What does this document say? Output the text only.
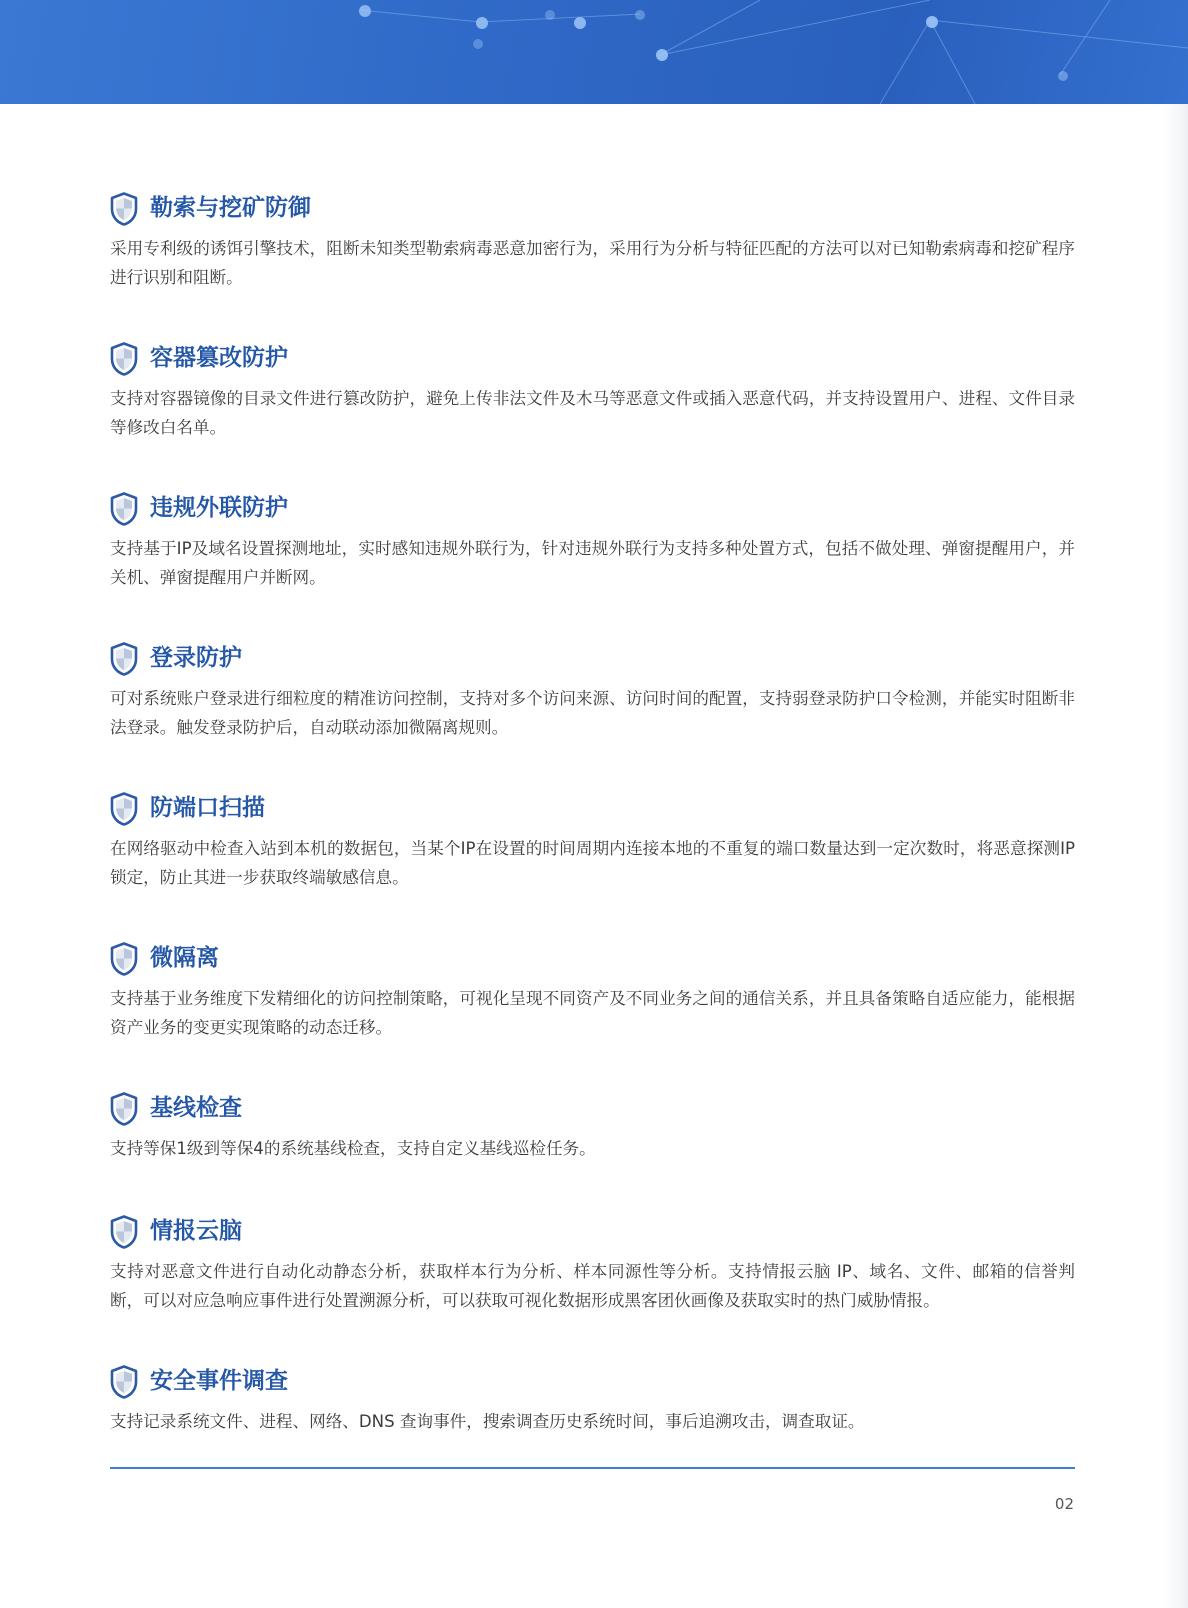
勒索与挖矿防御
采用专利级的诱饵引擎技术，阻断未知类型勒索病毒恶意加密行为，采用行为分析与特征匹配的方法可以对已知勒索病毒和挖矿程序进行识别和阻断。
容器篡改防护
支持对容器镜像的目录文件进行篡改防护，避免上传非法文件及木马等恶意文件或插入恶意代码，并支持设置用户、进程、文件目录等修改白名单。
违规外联防护
支持基于IP及域名设置探测地址，实时感知违规外联行为，针对违规外联行为支持多种处置方式，包括不做处理、弹窗提醒用户，并关机、弹窗提醒用户并断网。
登录防护
可对系统账户登录进行细粒度的精准访问控制，支持对多个访问来源、访问时间的配置，支持弱登录防护口令检测，并能实时阻断非法登录。触发登录防护后，自动联动添加微隔离规则。
防端口扫描
在网络驱动中检查入站到本机的数据包，当某个IP在设置的时间周期内连接本地的不重复的端口数量达到一定次数时，将恶意探测IP锁定，防止其进一步获取终端敏感信息。
微隔离
支持基于业务维度下发精细化的访问控制策略，可视化呈现不同资产及不同业务之间的通信关系，并且具备策略自适应能力，能根据资产业务的变更实现策略的动态迁移。
基线检查
支持等保1级到等保4的系统基线检查，支持自定义基线巡检任务。
情报云脑
支持对恶意文件进行自动化动静态分析，获取样本行为分析、样本同源性等分析。支持情报云脑 IP、域名、文件、邮箱的信誉判断，可以对应急响应事件进行处置溯源分析，可以获取可视化数据形成黑客团伙画像及获取实时的热门威胁情报。
安全事件调查
支持记录系统文件、进程、网络、DNS 查询事件，搜索调查历史系统时间，事后追溯攻击，调查取证。
02
